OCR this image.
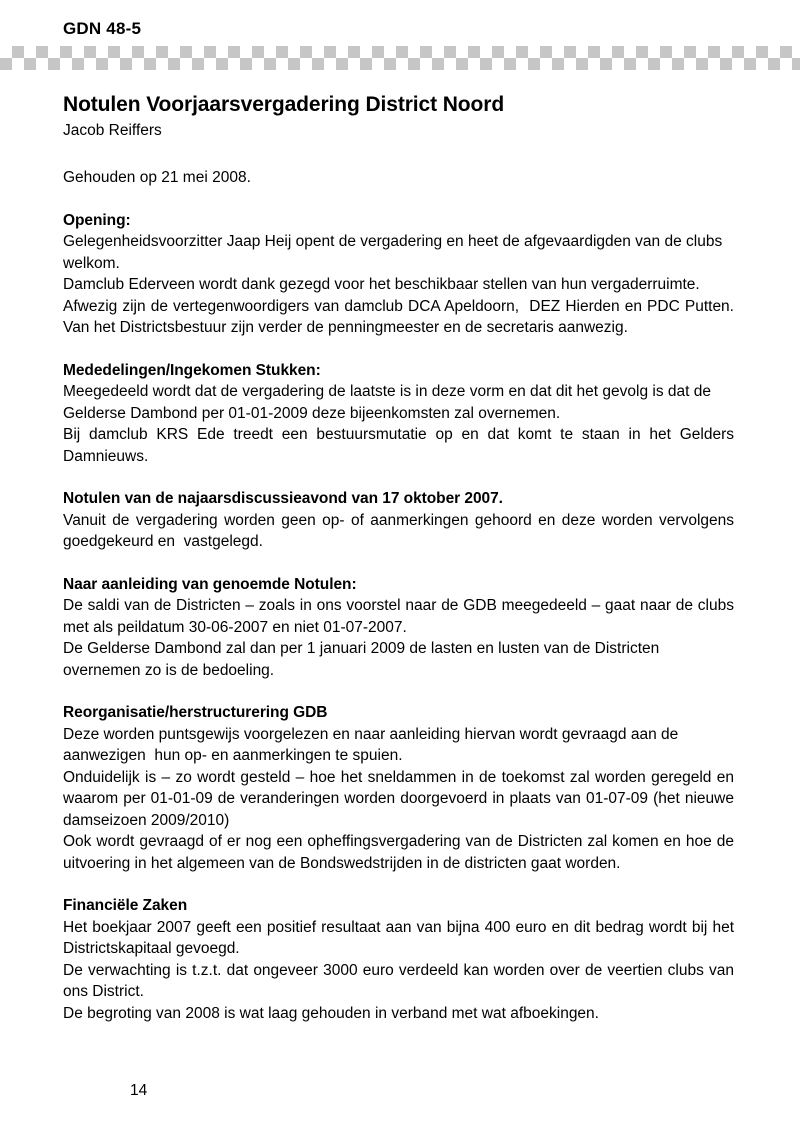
GDN 48-5
Notulen Voorjaarsvergadering District Noord

Jacob Reiffers

Gehouden op 21 mei 2008.

Opening:

Gelegenheidsvoorzitter Jaap Heij opent de vergadering en heet de afgevaardigden van de clubs welkom.

Damclub Ederveen wordt dank gezegd voor het beschikbaar stellen van hun vergaderruimte.

Afwezig zijn de vertegenwoordigers van damclub DCA Apeldoorn,  DEZ Hierden en PDC Putten. Van het Districtsbestuur zijn verder de penningmeester en de secretaris aanwezig.

Mededelingen/Ingekomen Stukken:

Meegedeeld wordt dat de vergadering de laatste is in deze vorm en dat dit het gevolg is dat de Gelderse Dambond per 01-01-2009 deze bijeenkomsten zal overnemen.

Bij damclub KRS Ede treedt een bestuursmutatie op en dat komt te staan in het Gelders Damnieuws.

Notulen van de najaarsdiscussieavond van 17 oktober 2007.

Vanuit de vergadering worden geen op- of aanmerkingen gehoord en deze worden vervolgens goedgekeurd en  vastgelegd.

Naar aanleiding van genoemde Notulen:

De saldi van de Districten – zoals in ons voorstel naar de GDB meegedeeld – gaat naar de clubs met als peildatum 30-06-2007 en niet 01-07-2007.

De Gelderse Dambond zal dan per 1 januari 2009 de lasten en lusten van de Districten overnemen zo is de bedoeling.

Reorganisatie/herstructurering GDB

Deze worden puntsgewijs voorgelezen en naar aanleiding hiervan wordt gevraagd aan de aanwezigen  hun op- en aanmerkingen te spuien.

Onduidelijk is – zo wordt gesteld – hoe het sneldammen in de toekomst zal worden geregeld en waarom per 01-01-09 de veranderingen worden doorgevoerd in plaats van 01-07-09 (het nieuwe damseizoen 2009/2010)

Ook wordt gevraagd of er nog een opheffingsvergadering van de Districten zal komen en hoe de uitvoering in het algemeen van de Bondswedstrijden in de districten gaat worden.

Financiële Zaken

Het boekjaar 2007 geeft een positief resultaat aan van bijna 400 euro en dit bedrag wordt bij het Districtskapitaal gevoegd.

De verwachting is t.z.t. dat ongeveer 3000 euro verdeeld kan worden over de veertien clubs van ons District.

De begroting van 2008 is wat laag gehouden in verband met wat afboekingen.

14
